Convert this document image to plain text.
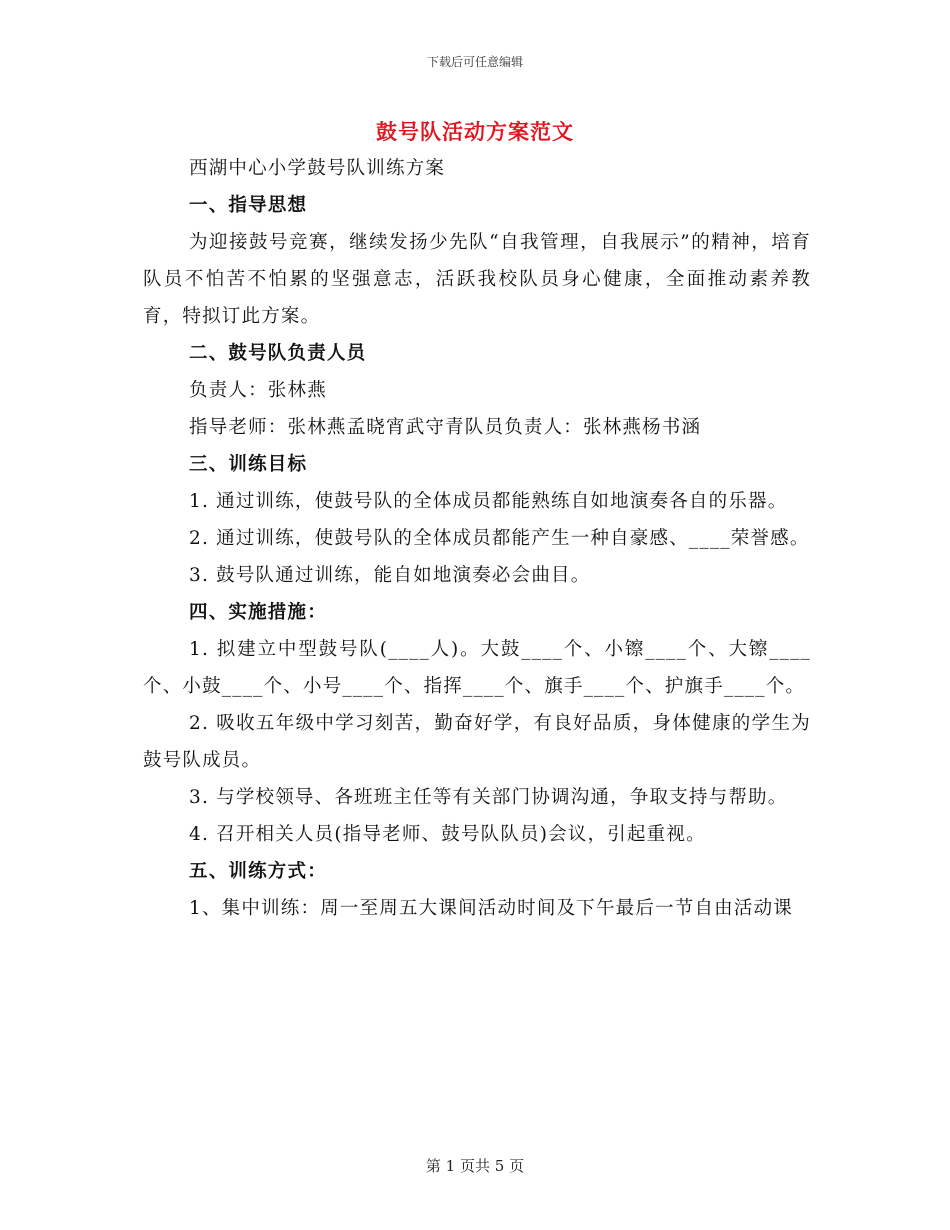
下载后可任意编辑
鼓号队活动方案范文

西湖中心小学鼓号队训练方案

一、指导思想

为迎接鼓号竞赛，继续发扬少先队“自我管理，自我展示”的精神，培育队员不怕苦不怕累的坚强意志，活跃我校队员身心健康，全面推动素养教育，特拟订此方案。

二、鼓号队负责人员

负责人：张林燕

指导老师：张林燕孟晓宵武守青队员负责人：张林燕杨书涵

三、训练目标

1. 通过训练，使鼓号队的全体成员都能熟练自如地演奏各自的乐器。

2. 通过训练，使鼓号队的全体成员都能产生一种自豪感、____荣誉感。

3. 鼓号队通过训练，能自如地演奏必会曲目。

四、实施措施：

1. 拟建立中型鼓号队(____人)。大鼓____个、小镲____个、大镲____个、小鼓____个、小号____个、指挥____个、旗手____个、护旗手____个。

2. 吸收五年级中学习刻苦，勤奋好学，有良好品质，身体健康的学生为鼓号队成员。

3. 与学校领导、各班班主任等有关部门协调沟通，争取支持与帮助。

4. 召开相关人员(指导老师、鼓号队队员)会议，引起重视。

五、训练方式：

1、集中训练：周一至周五大课间活动时间及下午最后一节自由活动课

第 1 页共 5 页
